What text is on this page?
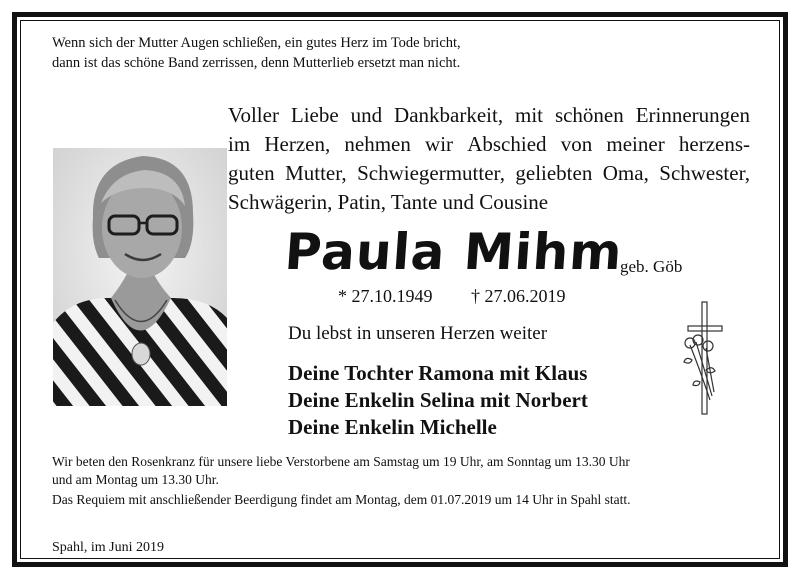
Wenn sich der Mutter Augen schließen, ein gutes Herz im Tode bricht,
dann ist das schöne Band zerrissen, denn Mutterlieb ersetzt man nicht.
Voller Liebe und Dankbarkeit, mit schönen Erinnerungen
im Herzen, nehmen wir Abschied von meiner herzens-
guten Mutter, Schwiegermutter, geliebten Oma, Schwester,
Schwägerin, Patin, Tante und Cousine
Paula Mihm
geb. Göb
* 27.10.1949 † 27.06.2019
Du lebst in unseren Herzen weiter
Deine Tochter Ramona mit Klaus
Deine Enkelin Selina mit Norbert
Deine Enkelin Michelle
Wir beten den Rosenkranz für unsere liebe Verstorbene am Samstag um 19 Uhr, am Sonntag um 13.30 Uhr
und am Montag um 13.30 Uhr.
Das Requiem mit anschließender Beerdigung findet am Montag, dem 01.07.2019 um 14 Uhr in Spahl statt.
Spahl, im Juni 2019
